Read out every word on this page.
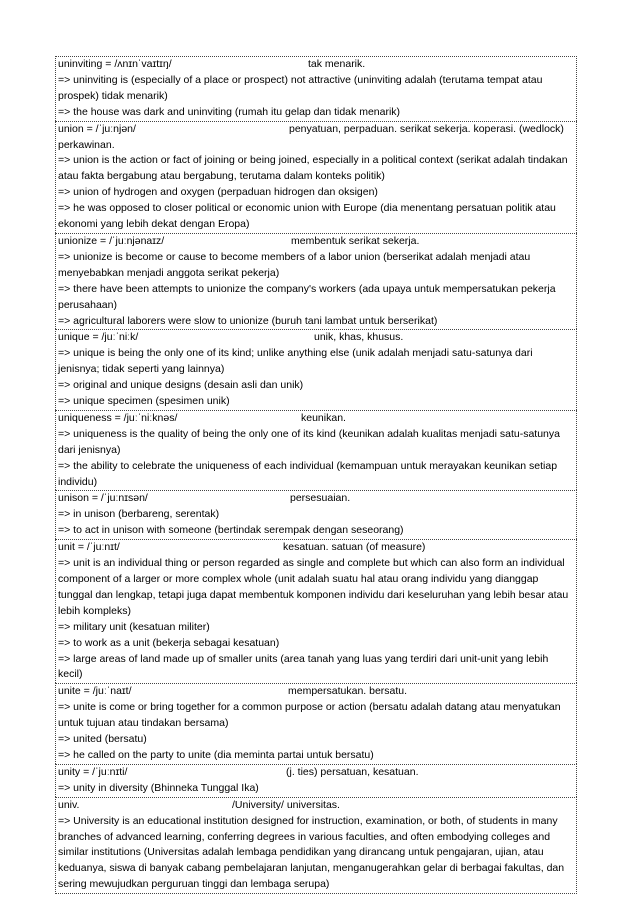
uninviting = /ʌnɪnˈvaɪtɪŋ/	tak menarik.
=> uninviting is (especially of a place or prospect) not attractive (uninviting adalah (terutama tempat atau prospek) tidak menarik)
=> the house was dark and uninviting (rumah itu gelap dan tidak menarik)
union = /ˈjuːnjən/	penyatuan, perpaduan. serikat sekerja. koperasi. (wedlock) perkawinan.
=> union is the action or fact of joining or being joined, especially in a political context (serikat adalah tindakan atau fakta bergabung atau bergabung, terutama dalam konteks politik)
=> union of hydrogen and oxygen (perpaduan hidrogen dan oksigen)
=> he was opposed to closer political or economic union with Europe (dia menentang persatuan politik atau ekonomi yang lebih dekat dengan Eropa)
unionize = /ˈjuːnjənaɪz/	membentuk serikat sekerja.
=> unionize is become or cause to become members of a labor union (berserikat adalah menjadi atau menyebabkan menjadi anggota serikat pekerja)
=> there have been attempts to unionize the company's workers (ada upaya untuk mempersatukan pekerja perusahaan)
=> agricultural laborers were slow to unionize (buruh tani lambat untuk berserikat)
unique = /juːˈniːk/	unik, khas, khusus.
=> unique is being the only one of its kind; unlike anything else (unik adalah menjadi satu-satunya dari jenisnya; tidak seperti yang lainnya)
=> original and unique designs (desain asli dan unik)
=> unique specimen (spesimen unik)
uniqueness = /juːˈniːknəs/	keunikan.
=> uniqueness is the quality of being the only one of its kind (keunikan adalah kualitas menjadi satu-satunya dari jenisnya)
=> the ability to celebrate the uniqueness of each individual (kemampuan untuk merayakan keunikan setiap individu)
unison = /ˈjuːnɪsən/	persesuaian.
=> in unison (berbareng, serentak)
=> to act in unison with someone (bertindak serempak dengan seseorang)
unit = /ˈjuːnɪt/	kesatuan. satuan (of measure)
=> unit is an individual thing or person regarded as single and complete but which can also form an individual component of a larger or more complex whole (unit adalah suatu hal atau orang individu yang dianggap tunggal dan lengkap, tetapi juga dapat membentuk komponen individu dari keseluruhan yang lebih besar atau lebih kompleks)
=> military unit (kesatuan militer)
=> to work as a unit (bekerja sebagai kesatuan)
=> large areas of land made up of smaller units (area tanah yang luas yang terdiri dari unit-unit yang lebih kecil)
unite = /juːˈnaɪt/	mempersatukan. bersatu.
=> unite is come or bring together for a common purpose or action (bersatu adalah datang atau menyatukan untuk tujuan atau tindakan bersama)
=> united (bersatu)
=> he called on the party to unite (dia meminta partai untuk bersatu)
unity = /ˈjuːnɪti/	(j. ties) persatuan, kesatuan.
=> unity in diversity (Bhinneka Tunggal Ika)
univ.	/University/ universitas.
=> University is an educational institution designed for instruction, examination, or both, of students in many branches of advanced learning, conferring degrees in various faculties, and often embodying colleges and similar institutions (Universitas adalah lembaga pendidikan yang dirancang untuk pengajaran, ujian, atau keduanya, siswa di banyak cabang pembelajaran lanjutan, menganugerahkan gelar di berbagai fakultas, dan sering mewujudkan perguruan tinggi dan lembaga serupa)
